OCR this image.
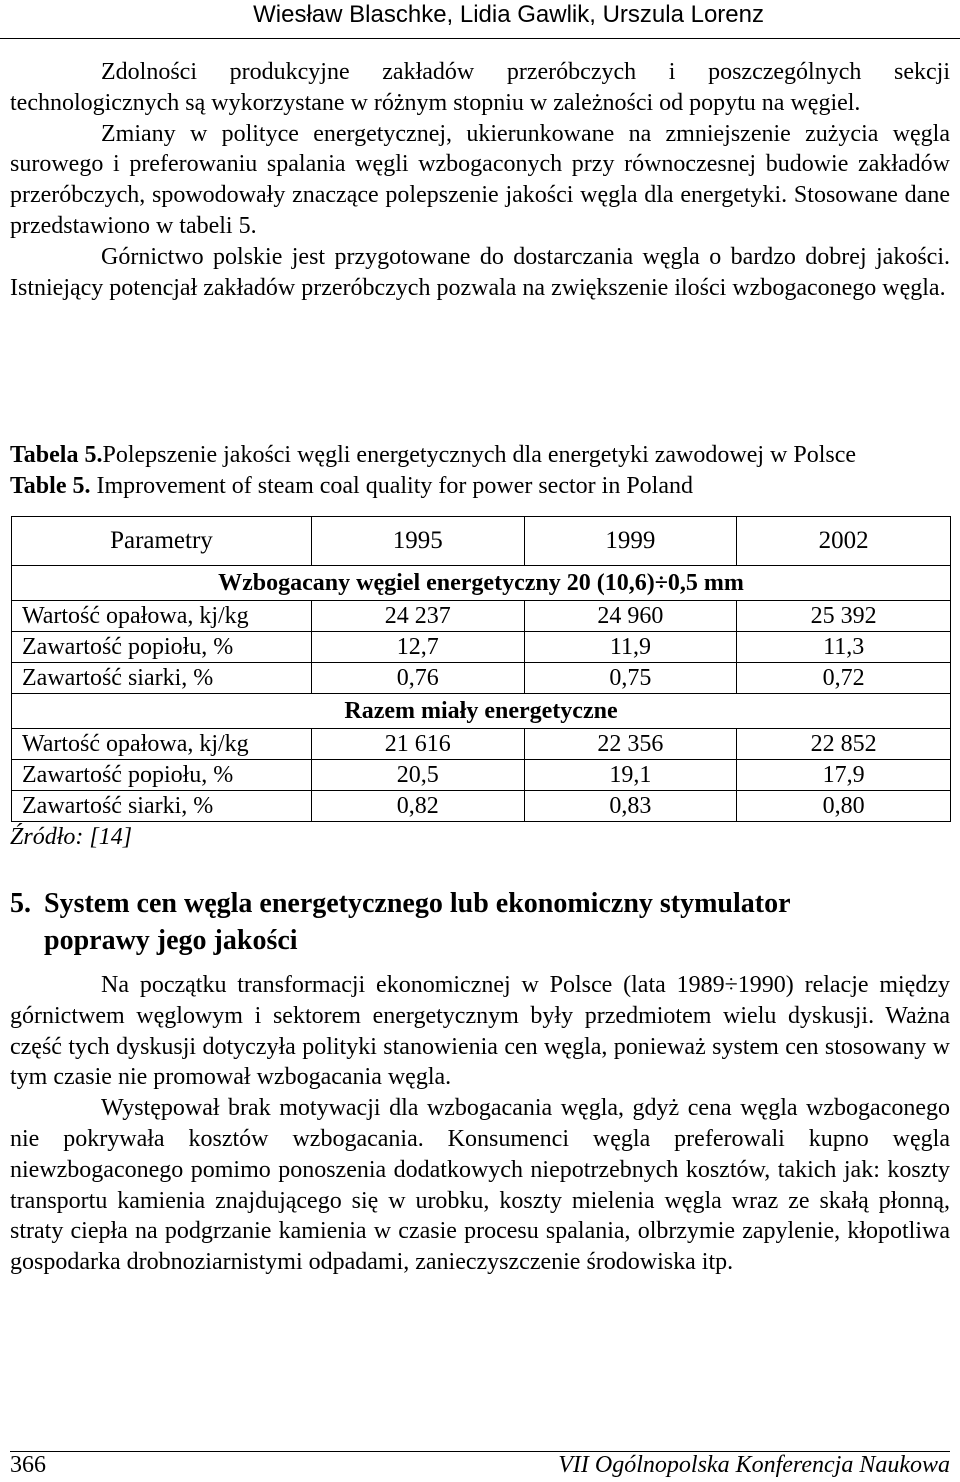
Wiesław Blaschke, Lidia Gawlik, Urszula Lorenz

Zdolności produkcyjne zakładów przeróbczych i poszczególnych sekcji technologicznych są wykorzystane w różnym stopniu w zależności od popytu na węgiel.

Zmiany w polityce energetycznej, ukierunkowane na zmniejszenie zużycia węgla surowego i preferowaniu spalania węgli wzbogaconych przy równoczesnej budowie zakładów przeróbczych, spowodowały znaczące polepszenie jakości węgla dla energetyki. Stosowane dane przedstawiono w tabeli 5.

Górnictwo polskie jest przygotowane do dostarczania węgla o bardzo dobrej jakości. Istniejący potencjał zakładów przeróbczych pozwala na zwiększenie ilości wzbogaconego węgla.

Tabela 5.Polepszenie jakości węgli energetycznych dla energetyki zawodowej w Polsce
Table 5. Improvement of steam coal quality for power sector in Poland
Parametry	1995	1999	2002
Wzbogacany węgiel energetyczny 20 (10,6)÷0,5 mm			
Wartość opałowa, kj/kg	24 237	24 960	25 392
Zawartość popiołu, %	12,7	11,9	11,3
Zawartość siarki, %	0,76	0,75	0,72
Razem miały energetyczne			
Wartość opałowa, kj/kg	21 616	22 356	22 852
Zawartość popiołu, %	20,5	19,1	17,9
Zawartość siarki, %	0,82	0,83	0,80
Źródło: [14]
5. System cen węgla energetycznego lub ekonomiczny stymulator
poprawy jego jakości

Na początku transformacji ekonomicznej w Polsce (lata 1989÷1990) relacje między górnictwem węglowym i sektorem energetycznym były przedmiotem wielu dyskusji. Ważna część tych dyskusji dotyczyła polityki stanowienia cen węgla, ponieważ system cen stosowany w tym czasie nie promował wzbogacania węgla.

Występował brak motywacji dla wzbogacania węgla, gdyż cena węgla wzbogaconego nie pokrywała kosztów wzbogacania. Konsumenci węgla preferowali kupno węgla niewzbogaconego pomimo ponoszenia dodatkowych niepotrzebnych kosztów, takich jak: koszty transportu kamienia znajdującego się w urobku, koszty mielenia węgla wraz ze skałą płonną, straty ciepła na podgrzanie kamienia w czasie procesu spalania, olbrzymie zapylenie, kłopotliwa gospodarka drobnoziarnistymi odpadami, zanieczyszczenie środowiska itp.

366	VII Ogólnopolska Konferencja Naukowa
